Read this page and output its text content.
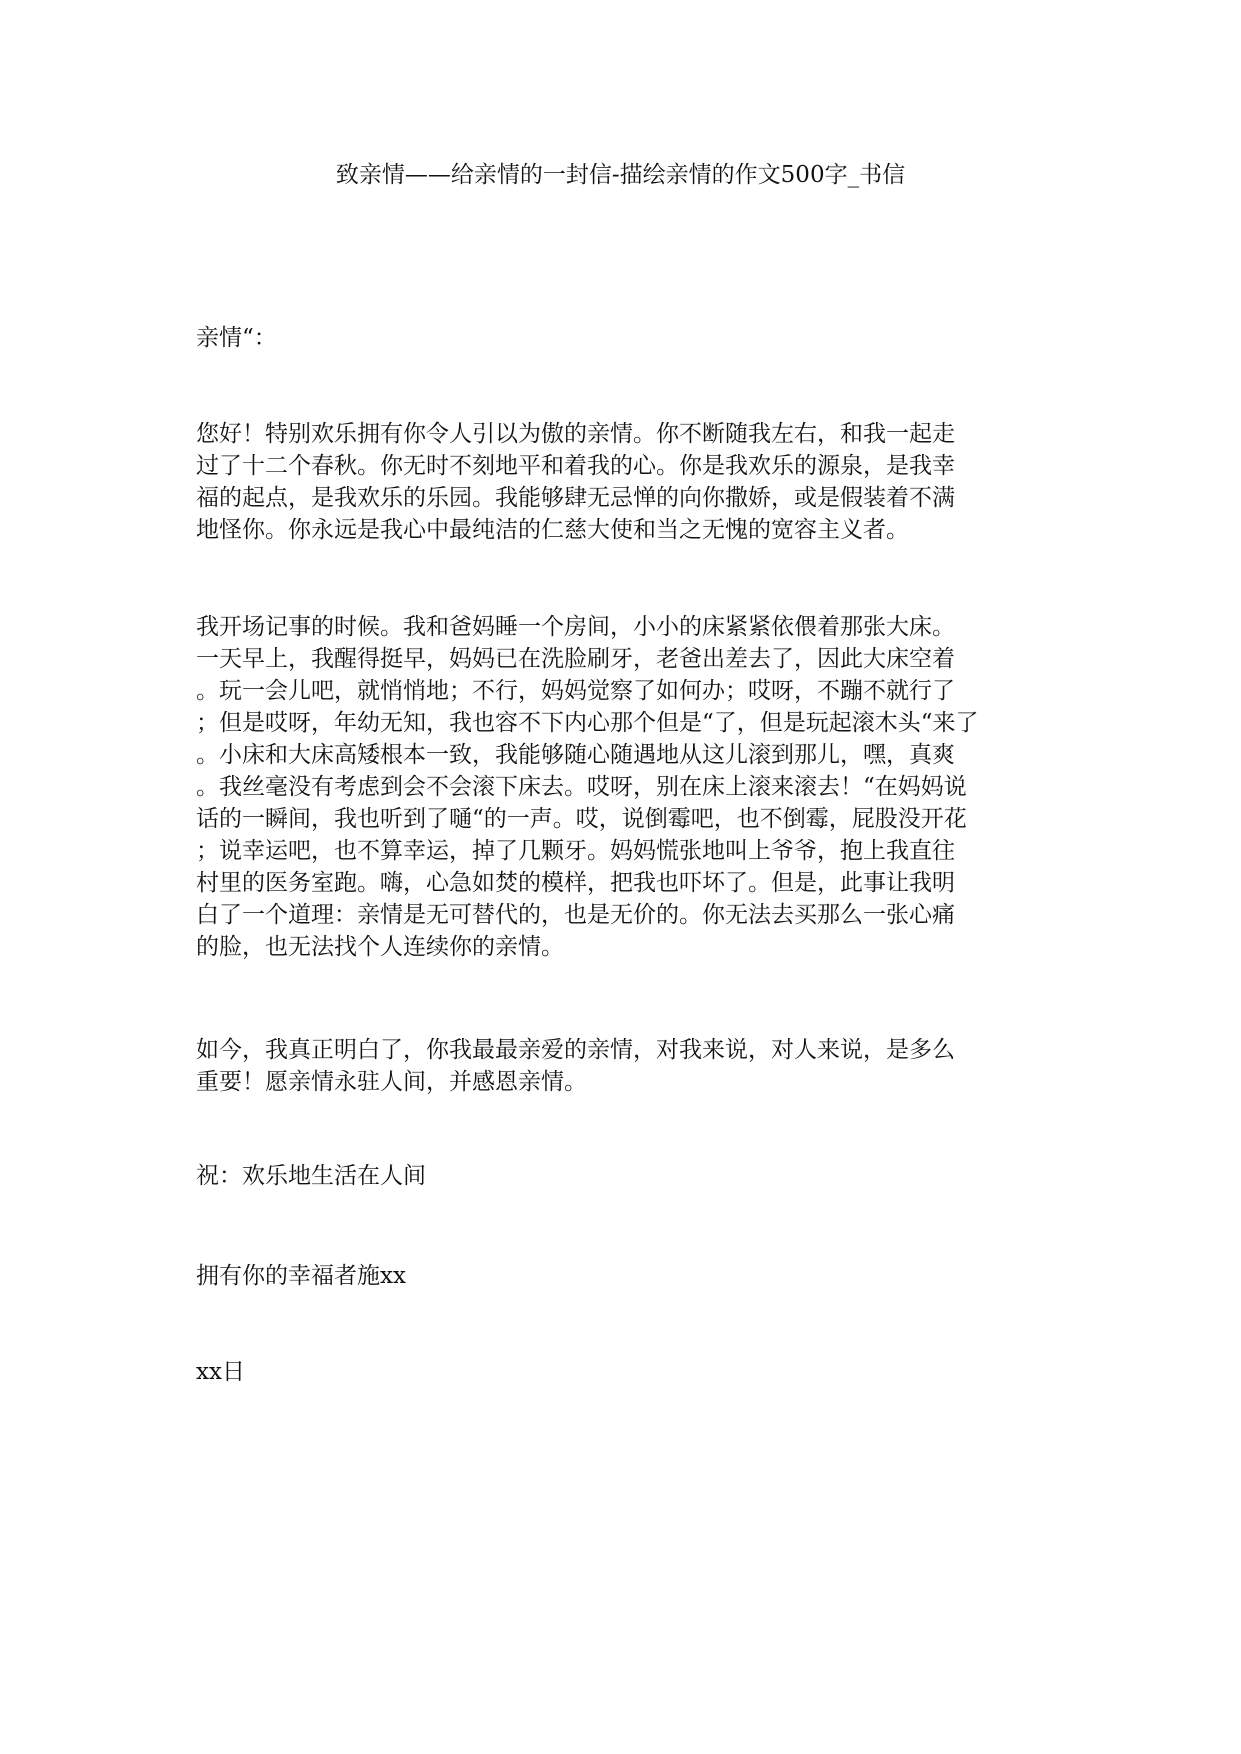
致亲情——给亲情的一封信-描绘亲情的作文500字_书信
亲情“：
您好！特别欢乐拥有你令人引以为傲的亲情。你不断随我左右，和我一起走
过了十二个春秋。你无时不刻地平和着我的心。你是我欢乐的源泉，是我幸
福的起点，是我欢乐的乐园。我能够肆无忌惮的向你撒娇，或是假装着不满
地怪你。你永远是我心中最纯洁的仁慈大使和当之无愧的宽容主义者。
我开场记事的时候。我和爸妈睡一个房间，小小的床紧紧依偎着那张大床。
一天早上，我醒得挺早，妈妈已在洗脸刷牙，老爸出差去了，因此大床空着
。玩一会儿吧，就悄悄地；不行，妈妈觉察了如何办；哎呀，不蹦不就行了
；但是哎呀，年幼无知，我也容不下内心那个但是“了，但是玩起滚木头“来了
。小床和大床高矮根本一致，我能够随心随遇地从这儿滚到那儿，嘿，真爽
。我丝毫没有考虑到会不会滚下床去。哎呀，别在床上滚来滚去！“在妈妈说
话的一瞬间，我也听到了嗵“的一声。哎，说倒霉吧，也不倒霉，屁股没开花
；说幸运吧，也不算幸运，掉了几颗牙。妈妈慌张地叫上爷爷，抱上我直往
村里的医务室跑。嗨，心急如焚的模样，把我也吓坏了。但是，此事让我明
白了一个道理：亲情是无可替代的，也是无价的。你无法去买那么一张心痛
的脸，也无法找个人连续你的亲情。
如今，我真正明白了，你我最最亲爱的亲情，对我来说，对人来说，是多么
重要！愿亲情永驻人间，并感恩亲情。
祝：欢乐地生活在人间
拥有你的幸福者施xx
xx日
